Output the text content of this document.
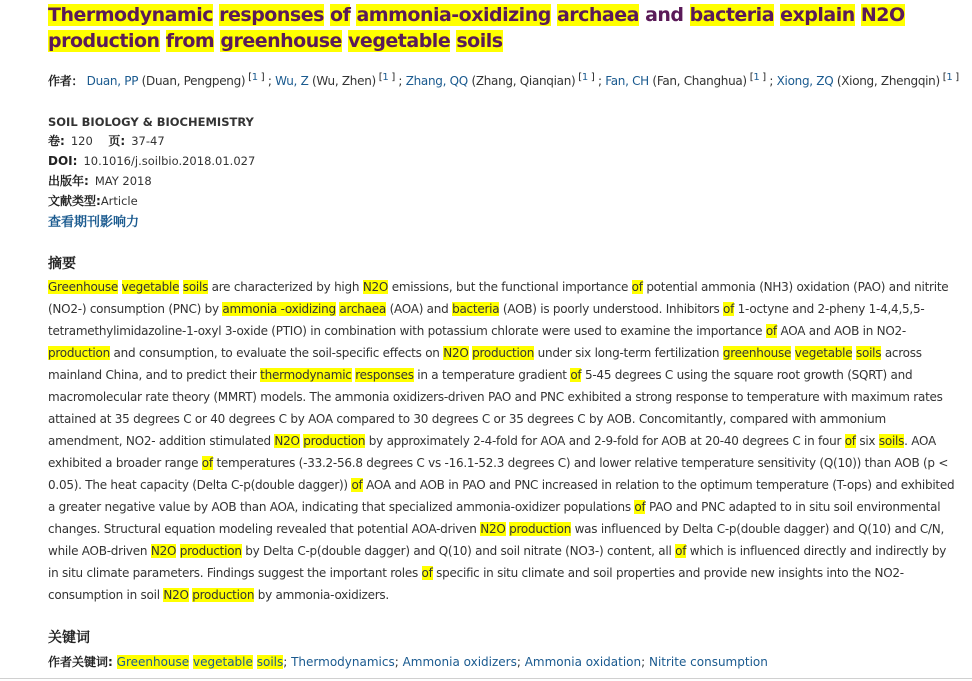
Thermodynamic responses of ammonia-oxidizing archaea and bacteria explain N2O production from greenhouse vegetable soils
作者： Duan, PP (Duan, Pengpeng) [1 ] ; Wu, Z (Wu, Zhen) [1 ] ; Zhang, QQ (Zhang, Qianqian) [1 ] ; Fan, CH (Fan, Changhua) [1 ] ; Xiong, ZQ (Xiong, Zhengqin) [1 ]
SOIL BIOLOGY & BIOCHEMISTRY
卷: 120 页: 37-47
DOI: 10.1016/j.soilbio.2018.01.027
出版年: MAY 2018
文献类型:Article
查看期刊影响力
摘要
Greenhouse vegetable soils are characterized by high N2O emissions, but the functional importance of potential ammonia (NH3) oxidation (PAO) and nitrite (NO2-) consumption (PNC) by ammonia -oxidizing archaea (AOA) and bacteria (AOB) is poorly understood. Inhibitors of 1-octyne and 2-pheny 1-4,4,5,5-tetramethylimidazoline-1-oxyl 3-oxide (PTIO) in combination with potassium chlorate were used to examine the importance of AOA and AOB in NO2- production and consumption, to evaluate the soil-specific effects on N2O production under six long-term fertilization greenhouse vegetable soils across mainland China, and to predict their thermodynamic responses in a temperature gradient of 5-45 degrees C using the square root growth (SQRT) and macromolecular rate theory (MMRT) models. The ammonia oxidizers-driven PAO and PNC exhibited a strong response to temperature with maximum rates attained at 35 degrees C or 40 degrees C by AOA compared to 30 degrees C or 35 degrees C by AOB. Concomitantly, compared with ammonium amendment, NO2- addition stimulated N2O production by approximately 2-4-fold for AOA and 2-9-fold for AOB at 20-40 degrees C in four of six soils. AOA exhibited a broader range of temperatures (-33.2-56.8 degrees C vs -16.1-52.3 degrees C) and lower relative temperature sensitivity (Q(10)) than AOB (p < 0.05). The heat capacity (Delta C-p(double dagger)) of AOA and AOB in PAO and PNC increased in relation to the optimum temperature (T-ops) and exhibited a greater negative value by AOB than AOA, indicating that specialized ammonia-oxidizer populations of PAO and PNC adapted to in situ soil environmental changes. Structural equation modeling revealed that potential AOA-driven N2O production was influenced by Delta C-p(double dagger) and Q(10) and C/N, while AOB-driven N2O production by Delta C-p(double dagger) and Q(10) and soil nitrate (NO3-) content, all of which is influenced directly and indirectly by in situ climate parameters. Findings suggest the important roles of specific in situ climate and soil properties and provide new insights into the NO2- consumption in soil N2O production by ammonia-oxidizers.
关键词
作者关键词: Greenhouse vegetable soils; Thermodynamics; Ammonia oxidizers; Ammonia oxidation; Nitrite consumption
